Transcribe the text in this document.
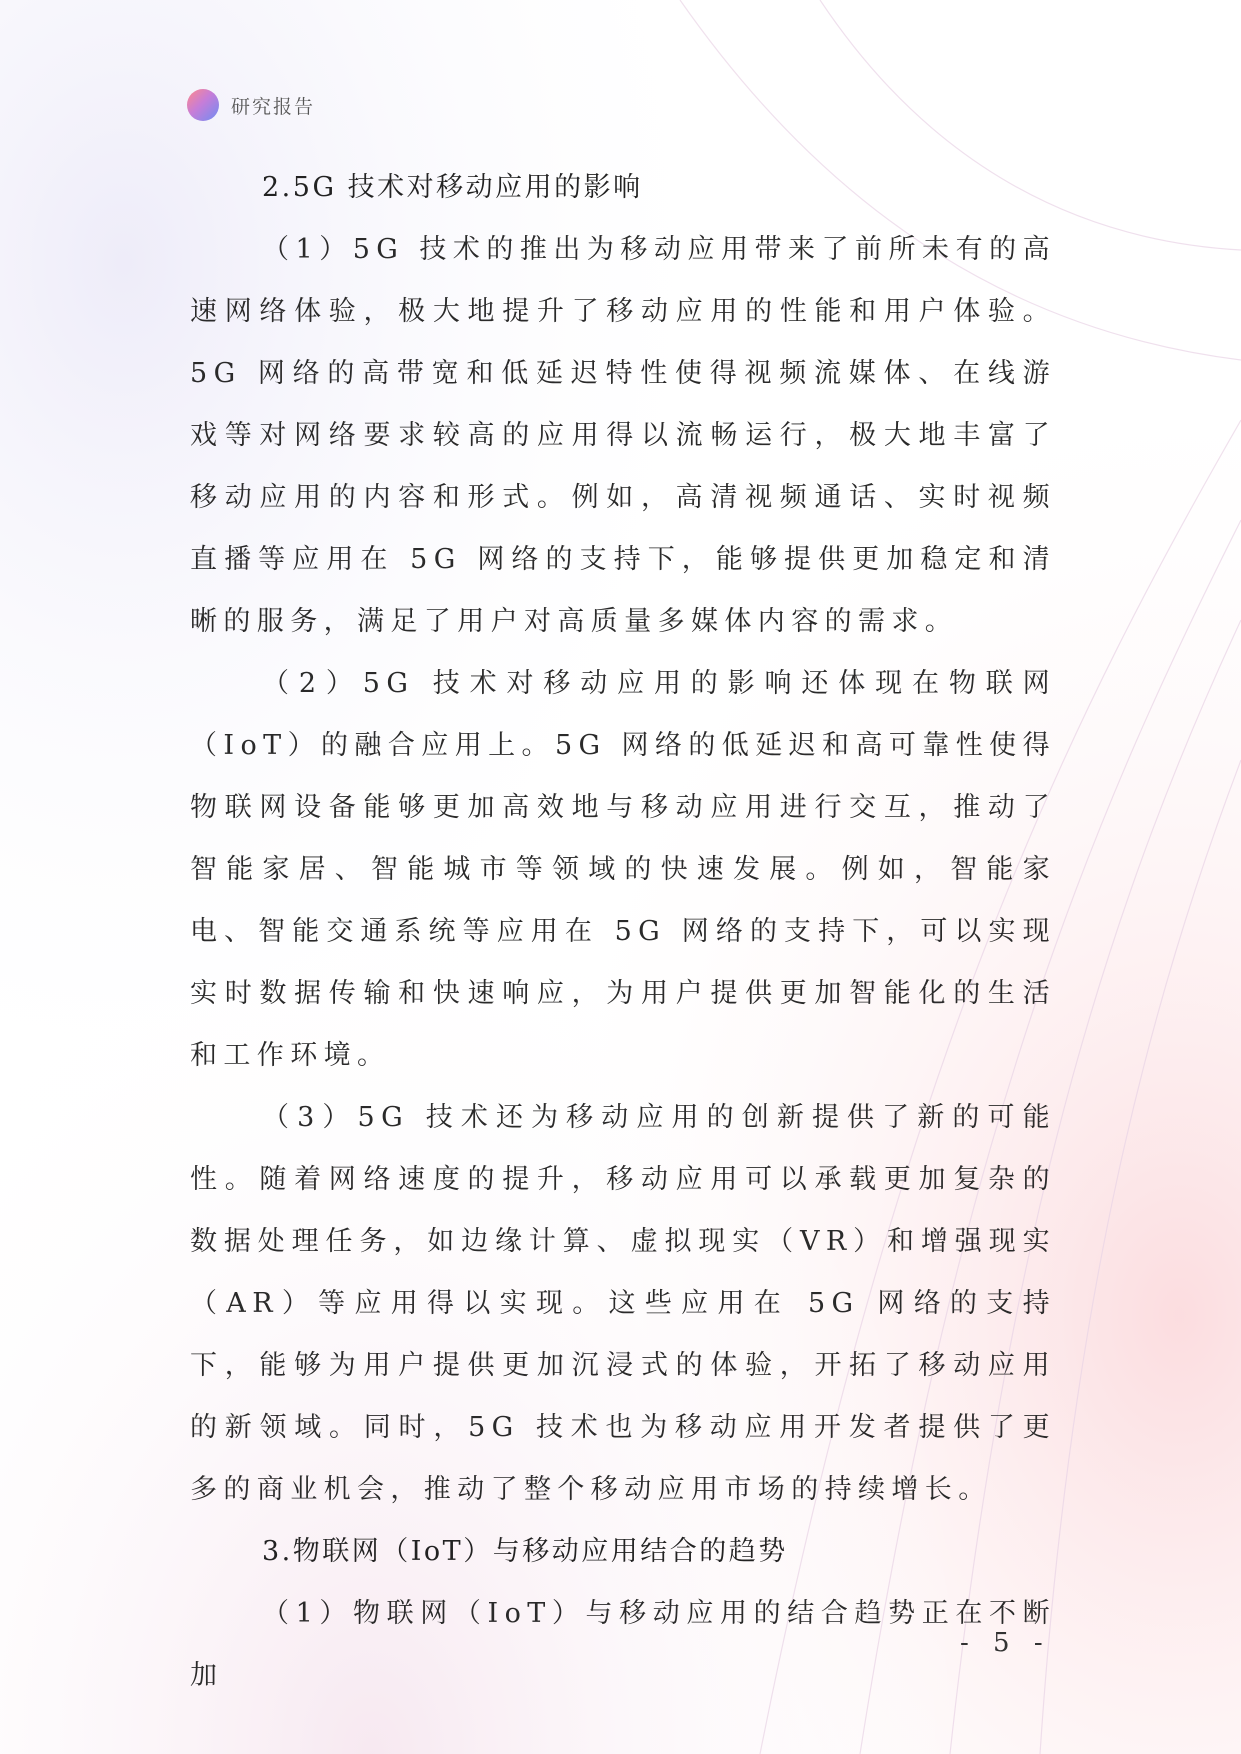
研究报告
2.5G 技术对移动应用的影响

（1）5G 技术的推出为移动应用带来了前所未有的高速网络体验，极大地提升了移动应用的性能和用户体验。5G 网络的高带宽和低延迟特性使得视频流媒体、在线游戏等对网络要求较高的应用得以流畅运行，极大地丰富了移动应用的内容和形式。例如，高清视频通话、实时视频直播等应用在 5G 网络的支持下，能够提供更加稳定和清晰的服务，满足了用户对高质量多媒体内容的需求。

（2）5G 技术对移动应用的影响还体现在物联网（IoT）的融合应用上。5G 网络的低延迟和高可靠性使得物联网设备能够更加高效地与移动应用进行交互，推动了智能家居、智能城市等领域的快速发展。例如，智能家电、智能交通系统等应用在 5G 网络的支持下，可以实现实时数据传输和快速响应，为用户提供更加智能化的生活和工作环境。

（3）5G 技术还为移动应用的创新提供了新的可能性。随着网络速度的提升，移动应用可以承载更加复杂的数据处理任务，如边缘计算、虚拟现实（VR）和增强现实（AR）等应用得以实现。这些应用在 5G 网络的支持下，能够为用户提供更加沉浸式的体验，开拓了移动应用的新领域。同时，5G 技术也为移动应用开发者提供了更多的商业机会，推动了整个移动应用市场的持续增长。

3.物联网（IoT）与移动应用结合的趋势

（1）物联网（IoT）与移动应用的结合趋势正在不断加

- 5 -
